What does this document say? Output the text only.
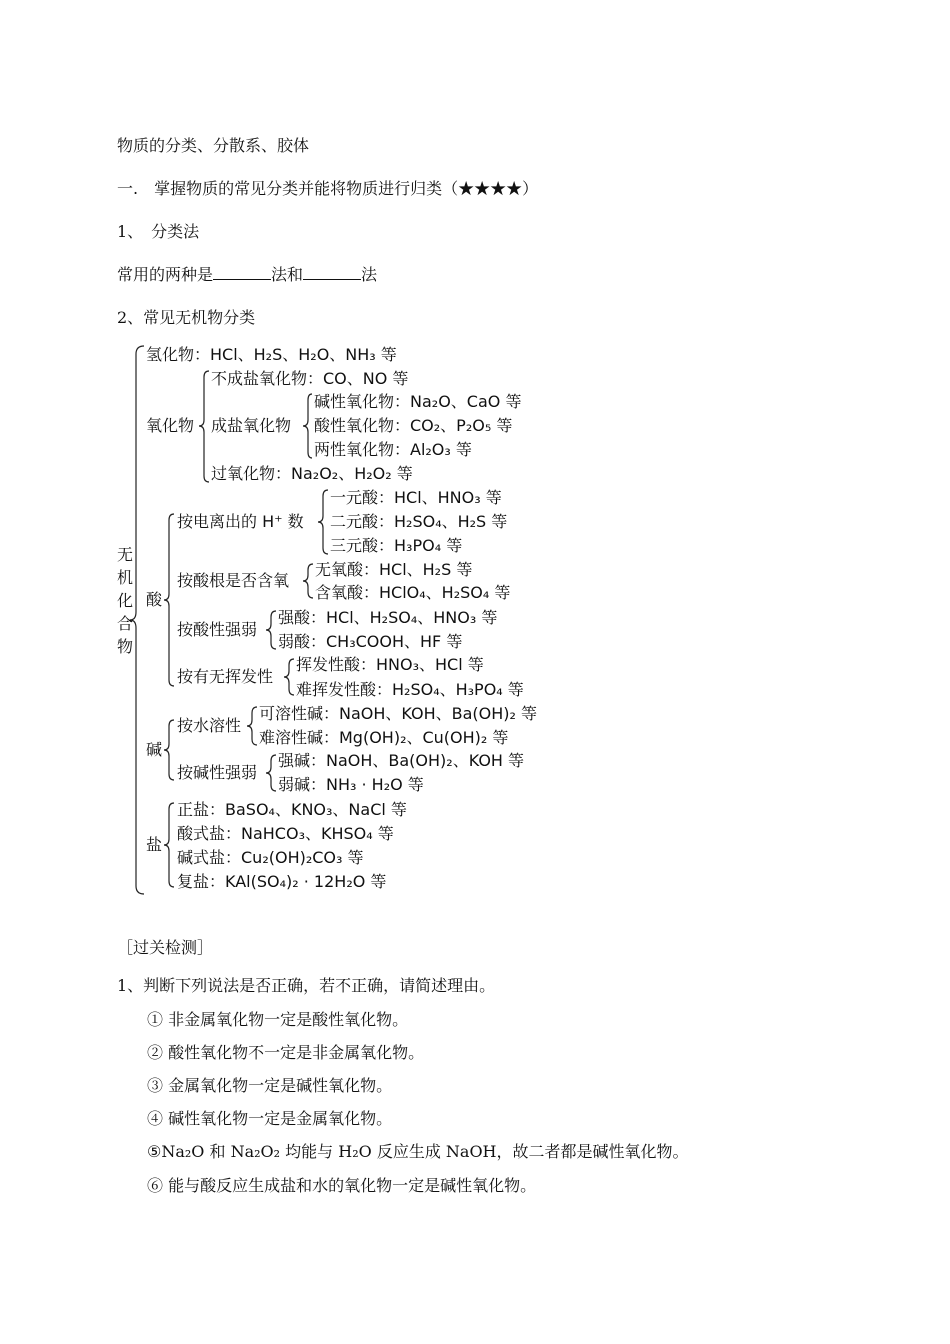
物质的分类、分散系、胶体
一.　掌握物质的常见分类并能将物质进行归类（★★★★）
1、　分类法
常用的两种是	法和	法
2、常见无机物分类
无
机
化
合
物
氢化物：HCl、H₂S、H₂O、NH₃ 等
氧化物
不成盐氧化物：CO、NO 等
成盐氧化物
碱性氧化物：Na₂O、CaO 等
酸性氧化物：CO₂、P₂O₅ 等
两性氧化物：Al₂O₃ 等
过氧化物：Na₂O₂、H₂O₂ 等
酸
按电离出的 H⁺ 数
一元酸：HCl、HNO₃ 等
二元酸：H₂SO₄、H₂S 等
三元酸：H₃PO₄ 等
按酸根是否含氧
无氧酸：HCl、H₂S 等
含氧酸：HClO₄、H₂SO₄ 等
按酸性强弱
强酸：HCl、H₂SO₄、HNO₃ 等
弱酸：CH₃COOH、HF 等
按有无挥发性
挥发性酸：HNO₃、HCl 等
难挥发性酸：H₂SO₄、H₃PO₄ 等
碱
按水溶性
可溶性碱：NaOH、KOH、Ba(OH)₂ 等
难溶性碱：Mg(OH)₂、Cu(OH)₂ 等
按碱性强弱
强碱：NaOH、Ba(OH)₂、KOH 等
弱碱：NH₃ · H₂O 等
盐
正盐：BaSO₄、KNO₃、NaCl 等
酸式盐：NaHCO₃、KHSO₄ 等
碱式盐：Cu₂(OH)₂CO₃ 等
复盐：KAl(SO₄)₂ · 12H₂O 等
［过关检测］
1、判断下列说法是否正确，若不正确，请简述理由。
① 非金属氧化物一定是酸性氧化物。
② 酸性氧化物不一定是非金属氧化物。
③ 金属氧化物一定是碱性氧化物。
④ 碱性氧化物一定是金属氧化物。
⑤Na₂O 和 Na₂O₂ 均能与 H₂O 反应生成 NaOH，故二者都是碱性氧化物。
⑥ 能与酸反应生成盐和水的氧化物一定是碱性氧化物。
